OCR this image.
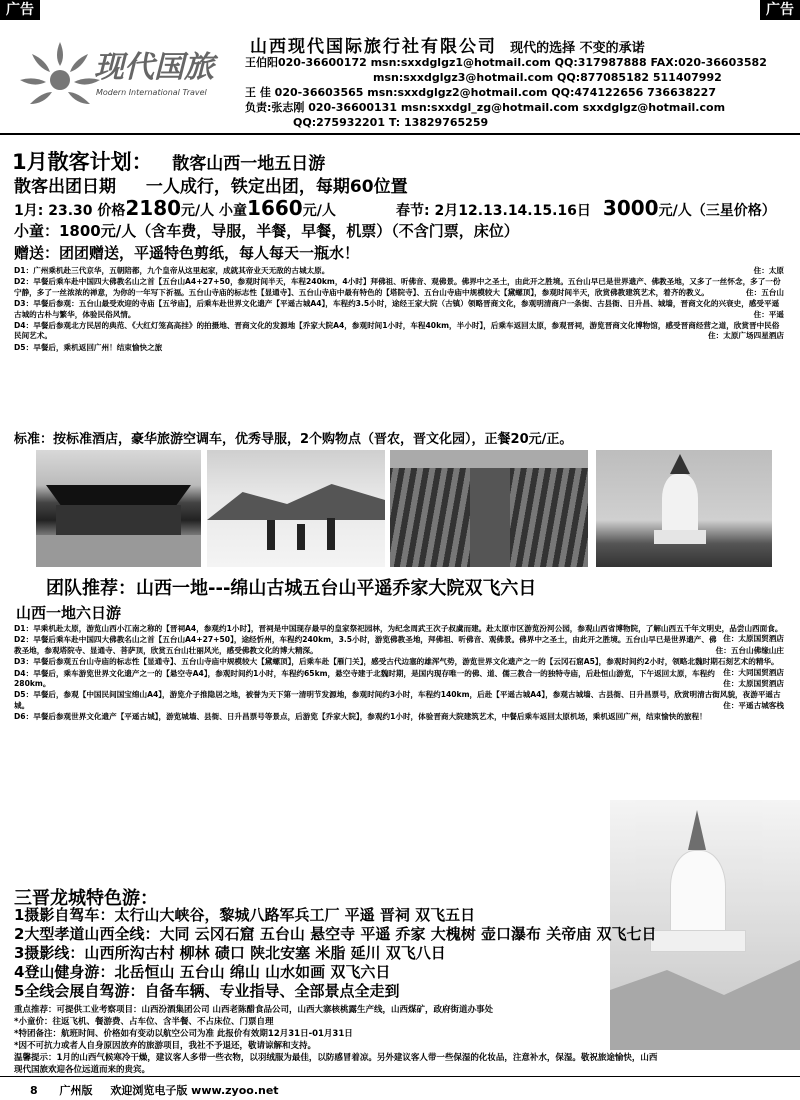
广告	广告
现代国旅
Modern International Travel
山西现代国际旅行社有限公司 现代的选择 不变的承诺
王伯阳020-36600172 msn:sxxdglgz1@hotmail.com QQ:317987888 FAX:020-36603582
msn:sxxdglgz3@hotmail.com QQ:877085182 511407992
王 佳 020-36603565 msn:sxxdglgz2@hotmail.com QQ:474122656 736638227
负责:张志刚 020-36600131 msn:sxxdgl_zg@hotmail.com sxxdglgz@hotmail.com
QQ:275932201 T: 13829765259
1月散客计划： 散客山西一地五日游
散客出团日期 一人成行，铁定出团，每期60位置
1月: 23.30 价格2180元/人 小童1660元/人	春节: 2月12.13.14.15.16日 3000元/人（三星价格）
小童：1800元/人（含车费，导服，半餐，早餐，机票）（不含门票，床位）
赠送：团团赠送，平遥特色剪纸，每人每天一瓶水！

D1：广州乘机赴三代京华，五朝陪都，九个皇帝从这里起家，成就其帝业天无敌的古城太原。	住：太原

D2：早餐后乘车赴中国四大佛教名山之首【五台山A4+27+50，参观时间半天，车程240km，4小时】拜佛祖、听佛音、观佛景。佛界中之圣土，由此开之胜境。五台山早已是世界遗产、佛教圣地，又多了一丝怀念，多了一份宁静，多了一丝浓浓的禅意，为你的一年写下祈福。五台山寺庙的标志性【显通寺】、五台山寺庙中最有特色的【塔院寺】、五台山寺庙中规模较大【黛螺顶】，参观时间半天，欣赏佛教建筑艺术，着齐的教义。	住：五台山

D3：早餐后参观：五台山最受欢迎的寺庙【五爷庙】，后乘车赴世界文化遗产【平遥古城A4】，车程约3.5小时，途经王家大院（古镇）领略晋商文化，参观明清商户一条街、古县衙、日升昌、城墙，晋商文化的兴衰史，感受平遥古城的古朴与繁华，体验民俗风情。	住：平遥

D4：早餐后参观北方民居的典范、《大红灯笼高高挂》的拍摄地、晋商文化的发源地【乔家大院A4，参观时间1小时，车程40km，半小时】，后乘车返回太原，参观晋祠，游览晋商文化博物馆，感受晋商经营之道，欣赏晋中民俗民间艺术。	住：太原广场四星酒店

D5：早餐后，乘机返回广州！结束愉快之旅

标准：按标准酒店，豪华旅游空调车，优秀导服，2个购物点（晋农，晋文化园），正餐20元/正。
团队推荐：山西一地---绵山古城五台山平遥乔家大院双飞六日
山西一地六日游

D1：早乘机赴太原，游览山西小江南之称的【晋祠A4，参观约1小时】，晋祠是中国现存最早的皇家祭祀园林，为纪念周武王次子叔虞而建。赴太原市区游览汾河公园，参观山西省博物院，了解山西五千年文明史，品尝山西面食。
住：太原国贸酒店

D2：早餐后乘车赴中国四大佛教名山之首【五台山A4+27+50】，途经忻州，车程约240km，3.5小时，游览佛教圣地，拜佛祖、听佛音、观佛景。佛界中之圣土，由此开之胜境。五台山早已是世界遗产、佛教圣地，参观塔院寺、显通寺、菩萨顶，欣赏五台山壮丽风光，感受佛教文化的博大精深。	住：五台山佛缘山庄

D3：早餐后参观五台山寺庙的标志性【显通寺】、五台山寺庙中规模较大【黛螺顶】，后乘车赴【雁门关】，感受古代边塞的雄浑气势，游览世界文化遗产之一的【云冈石窟A5】，参观时间约2小时，领略北魏时期石刻艺术的精华。
住：大同国贸酒店

D4：早餐后，乘车游览世界文化遗产之一的【悬空寺A4】，参观时间约1小时，车程约65km，悬空寺建于北魏时期，是国内现存唯一的佛、道、儒三教合一的独特寺庙，后赴恒山游览，下午返回太原，车程约280km。	住：太原国贸酒店

D5：早餐后，参观【中国民间国宝绵山A4】，游览介子推隐居之地，被誉为天下第一清明节发源地，参观时间约3小时，车程约140km，后赴【平遥古城A4】，参观古城墙、古县衙、日升昌票号，欣赏明清古街风貌，夜游平遥古城。	住：平遥古城客栈

D6：早餐后参观世界文化遗产【平遥古城】，游览城墙、县衙、日升昌票号等景点，后游览【乔家大院】，参观约1小时，体验晋商大院建筑艺术，中餐后乘车返回太原机场，乘机返回广州，结束愉快的旅程！

三晋龙城特色游：
1摄影自驾车：太行山大峡谷，黎城八路军兵工厂 平遥 晋祠 双飞五日
2大型孝道山西全线：大同 云冈石窟 五台山 悬空寺 平遥 乔家 大槐树 壶口瀑布 关帝庙 双飞七日
3摄影线：山西所沟古村 柳林 碛口 陕北安塞 米脂 延川 双飞八日
4登山健身游：北岳恒山 五台山 绵山 山水如画 双飞六日
5全线会展自驾游：自备车辆、专业指导、全部景点全走到
重点推荐：可提供工业考察项目：山西汾酒集团公司 山西老陈醋食品公司，山西大寨核桃露生产线，山西煤矿，政府街道办事处
*小童价：往返飞机、餐游费、占车位、含半餐、不占床位、门票自理
*特团备注：航班时间、价格如有变动以航空公司为准 此报价有效期12月31日-01月31日
*因不可抗力或者人自身原因放弃的旅游项目，我社不予退还，敬请谅解和支持。
温馨提示：1月的山西气候寒冷干燥，建议客人多带一些衣物，以羽绒服为最佳，以防感冒着凉。另外建议客人带一些保湿的化妆品，注意补水，保湿。敬祝旅途愉快，山西现代国旅欢迎各位远道而来的贵宾。
8 广州版 欢迎浏览电子版 www.zyoo.net
